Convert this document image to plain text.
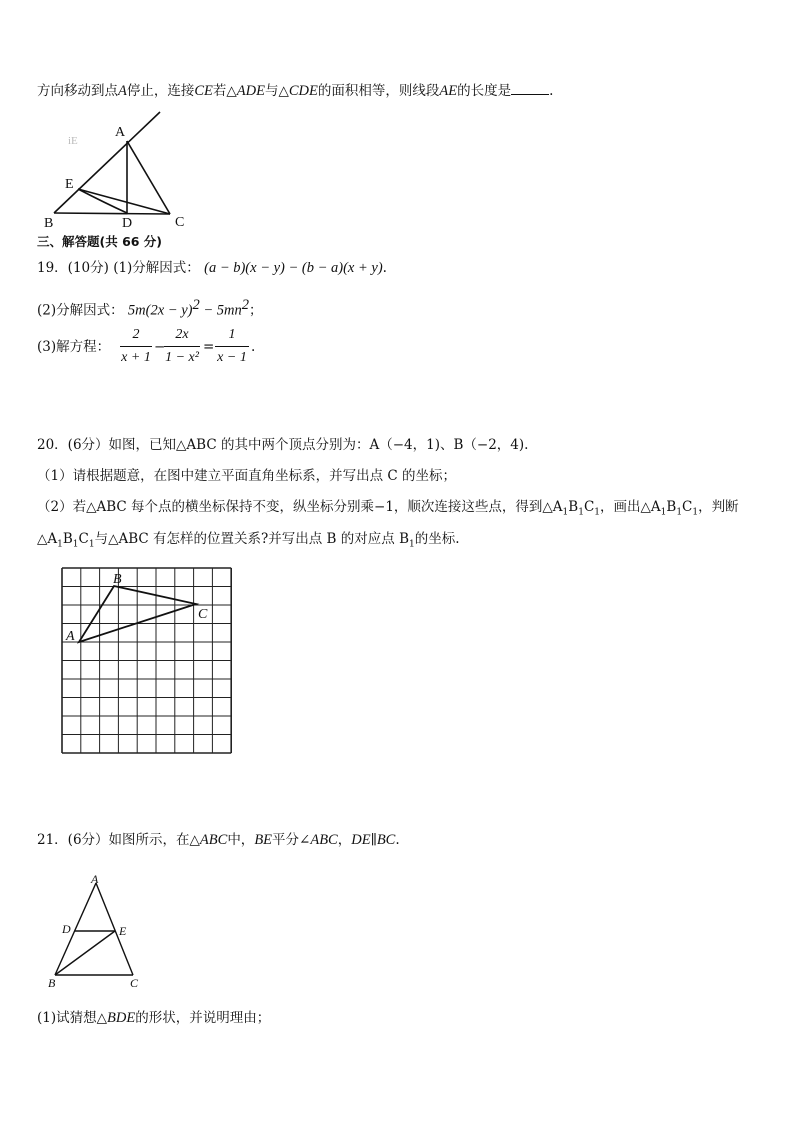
方向移动到点A停止，连接CE若△ADE与△CDE的面积相等，则线段AE的长度是	.
iE
A
E
B	D	C
三、解答题(共 66 分)
19．(10分) (1)分解因式： (a − b)(x − y) − (b − a)(x + y).
(2)分解因式： $5m(2x - y)^2 - 5mn^2$；
(3)解方程：
2
x + 1
−
2x
1 − x²
=
1
x − 1
.
20．(6分）如图，已知△ABC 的其中两个顶点分别为：A（−4，1)、B（−2，4).
（1）请根据题意，在图中建立平面直角坐标系，并写出点 C 的坐标；
（2）若△ABC 每个点的横坐标保持不变，纵坐标分别乘−1，顺次连接这些点，得到$\triangle A_1B_1C_1$，画出$\triangle A_1B_1C_1$，判断
$\triangle A_1B_1C_1$与△ABC 有怎样的位置关系?并写出点 B 的对应点 $B_1$的坐标.
A
B
C
21．(6分）如图所示，在△ABC中，BE平分∠ABC，DE∥BC.
A
D	E
B	C
(1)试猜想△BDE的形状，并说明理由；
